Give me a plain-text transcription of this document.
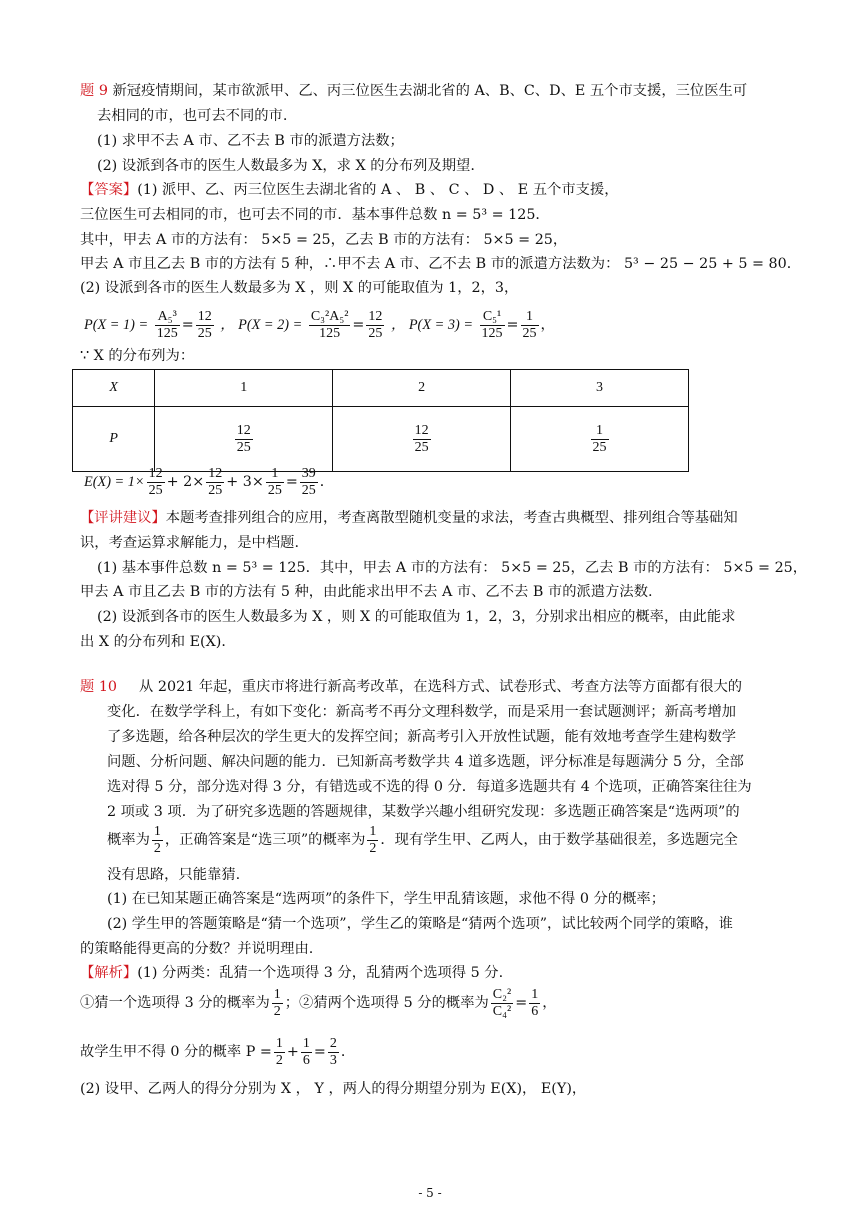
题 9 新冠疫情期间，某市欲派甲、乙、丙三位医生去湖北省的 A、B、C、D、E 五个市支援，三位医生可
去相同的市，也可去不同的市.
(1) 求甲不去 A 市、乙不去 B 市的派遣方法数；
(2) 设派到各市的医生人数最多为 X，求 X 的分布列及期望.
【答案】(1) 派甲、乙、丙三位医生去湖北省的 A 、 B 、 C 、 D 、 E 五个市支援，
三位医生可去相同的市，也可去不同的市．基本事件总数 n = 5³ = 125．
其中，甲去 A 市的方法有： 5×5 = 25，乙去 B 市的方法有： 5×5 = 25，
甲去 A 市且乙去 B 市的方法有 5 种，∴甲不去 A 市、乙不去 B 市的派遣方法数为： 5³ − 25 − 25 + 5 = 80．
(2) 设派到各市的医生人数最多为 X ，则 X 的可能取值为 1，2，3，
$P(X = 1) = \frac{\text{A₅³}}{125} = \frac{12}{25}$ ， $P(X = 2) = \frac{\text{C₃²A₅²}}{125} = \frac{12}{25}$ ， $P(X = 3) = \frac{\text{C₅¹}}{125} = \frac{1}{25}$ ，
∵ X 的分布列为：
X	1	2	3
P	$\frac{12}{25}$	$\frac{12}{25}$	$\frac{1}{25}$
$E(X) = 1\times \frac{12}{25} + 2\times \frac{12}{25} + 3\times \frac{1}{25} = \frac{39}{25}$ ．
【评讲建议】本题考查排列组合的应用，考查离散型随机变量的求法，考查古典概型、排列组合等基础知
识，考查运算求解能力，是中档题.
(1) 基本事件总数 n = 5³ = 125．其中，甲去 A 市的方法有： 5×5 = 25，乙去 B 市的方法有： 5×5 = 25，
甲去 A 市且乙去 B 市的方法有 5 种，由此能求出甲不去 A 市、乙不去 B 市的派遣方法数.
(2) 设派到各市的医生人数最多为 X ，则 X 的可能取值为 1，2，3，分别求出相应的概率，由此能求
出 X 的分布列和 E(X)．
题 10 从 2021 年起，重庆市将进行新高考改革，在选科方式、试卷形式、考查方法等方面都有很大的
变化．在数学学科上，有如下变化：新高考不再分文理科数学，而是采用一套试题测评；新高考增加
了多选题，给各种层次的学生更大的发挥空间；新高考引入开放性试题，能有效地考查学生建构数学
问题、分析问题、解决问题的能力．已知新高考数学共 4 道多选题，评分标准是每题满分 5 分，全部
选对得 5 分，部分选对得 3 分，有错选或不选的得 0 分．每道多选题共有 4 个选项，正确答案往往为
2 项或 3 项．为了研究多选题的答题规律，某数学兴趣小组研究发现：多选题正确答案是“选两项”的
概率为 $\frac{1}{2}$ ，正确答案是“选三项”的概率为 $\frac{1}{2}$ ．现有学生甲、乙两人，由于数学基础很差，多选题完全
没有思路，只能靠猜.
(1) 在已知某题正确答案是“选两项”的条件下，学生甲乱猜该题，求他不得 0 分的概率；
(2) 学生甲的答题策略是“猜一个选项”，学生乙的策略是“猜两个选项”，试比较两个同学的策略，谁
的策略能得更高的分数？并说明理由.
【解析】(1) 分两类：乱猜一个选项得 3 分，乱猜两个选项得 5 分.
①猜一个选项得 3 分的概率为 $\frac{1}{2}$ ；②猜两个选项得 5 分的概率为 $\frac{\text{C₂²}}{\text{C₄²}} = \frac{1}{6}$ ，
故学生甲不得 0 分的概率 $P = \frac{1}{2} + \frac{1}{6} = \frac{2}{3}$ ．
(2) 设甲、乙两人的得分分别为 X ， Y ，两人的得分期望分别为 E(X)， E(Y)，
- 5 -
